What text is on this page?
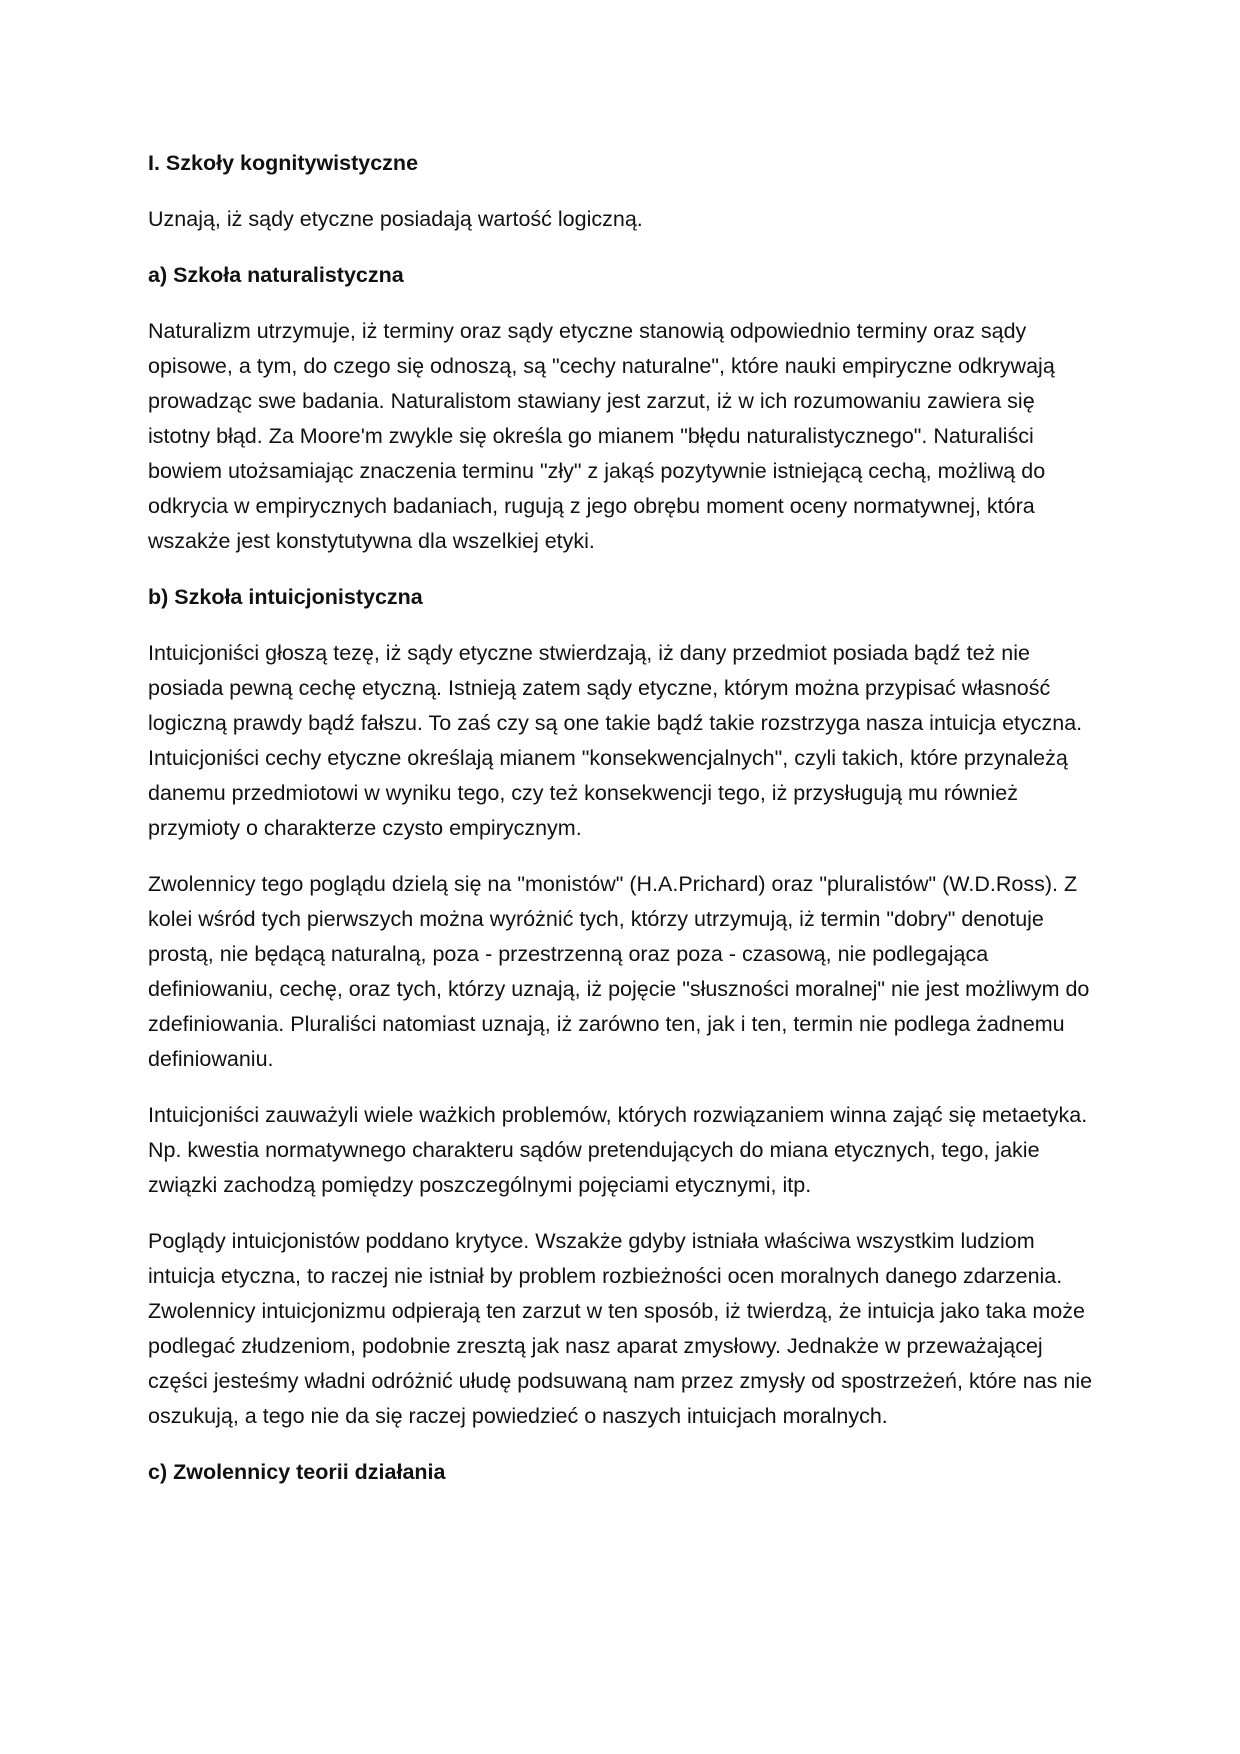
I. Szkoły kognitywistyczne

Uznają, iż sądy etyczne posiadają wartość logiczną.

a) Szkoła naturalistyczna

Naturalizm utrzymuje, iż terminy oraz sądy etyczne stanowią odpowiednio terminy oraz sądy opisowe, a tym, do czego się odnoszą, są "cechy naturalne", które nauki empiryczne odkrywają prowadząc swe badania. Naturalistom stawiany jest zarzut, iż w ich rozumowaniu zawiera się istotny błąd. Za Moore'm zwykle się określa go mianem "błędu naturalistycznego". Naturaliści bowiem utożsamiając znaczenia terminu "zły" z jakąś pozytywnie istniejącą cechą, możliwą do odkrycia w empirycznych badaniach, rugują z jego obrębu moment oceny normatywnej, która wszakże jest konstytutywna dla wszelkiej etyki.

b) Szkoła intuicjonistyczna

Intuicjoniści głoszą tezę, iż sądy etyczne stwierdzają, iż dany przedmiot posiada bądź też nie posiada pewną cechę etyczną. Istnieją zatem sądy etyczne, którym można przypisać własność logiczną prawdy bądź fałszu. To zaś czy są one takie bądź takie rozstrzyga nasza intuicja etyczna. Intuicjoniści cechy etyczne określają mianem "konsekwencjalnych", czyli takich, które przynależą danemu przedmiotowi w wyniku tego, czy też konsekwencji tego, iż przysługują mu również przymioty o charakterze czysto empirycznym.

Zwolennicy tego poglądu dzielą się na "monistów" (H.A.Prichard) oraz "pluralistów" (W.D.Ross). Z kolei wśród tych pierwszych można wyróżnić tych, którzy utrzymują, iż termin "dobry" denotuje prostą, nie będącą naturalną, poza - przestrzenną oraz poza - czasową, nie podlegająca definiowaniu, cechę, oraz tych, którzy uznają, iż pojęcie "słuszności moralnej" nie jest możliwym do zdefiniowania. Pluraliści natomiast uznają, iż zarówno ten, jak i ten, termin nie podlega żadnemu definiowaniu.

Intuicjoniści zauważyli wiele ważkich problemów, których rozwiązaniem winna zająć się metaetyka. Np. kwestia normatywnego charakteru sądów pretendujących do miana etycznych, tego, jakie związki zachodzą pomiędzy poszczególnymi pojęciami etycznymi, itp.

Poglądy intuicjonistów poddano krytyce. Wszakże gdyby istniała właściwa wszystkim ludziom intuicja etyczna, to raczej nie istniał by problem rozbieżności ocen moralnych danego zdarzenia. Zwolennicy intuicjonizmu odpierają ten zarzut w ten sposób, iż twierdzą, że intuicja jako taka może podlegać złudzeniom, podobnie zresztą jak nasz aparat zmysłowy. Jednakże w przeważającej części jesteśmy władni odróżnić ułudę podsuwaną nam przez zmysły od spostrzeżeń, które nas nie oszukują, a tego nie da się raczej powiedzieć o naszych intuicjach moralnych.

c) Zwolennicy teorii działania
